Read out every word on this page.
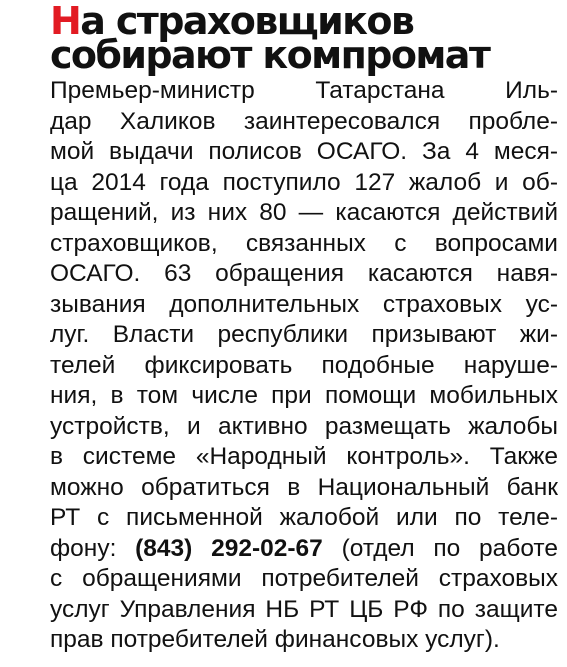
На страховщиков
собирают компромат
Премьер-министр Татарстана Иль-
дар Халиков заинтересовался пробле-
мой выдачи полисов ОСАГО. За 4 меся-
ца 2014 года поступило 127 жалоб и об-
ращений, из них 80 — касаются действий
страховщиков, связанных с вопросами
ОСАГО. 63 обращения касаются навя-
зывания дополнительных страховых ус-
луг. Власти республики призывают жи-
телей фиксировать подобные наруше-
ния, в том числе при помощи мобильных
устройств, и активно размещать жалобы
в системе «Народный контроль». Также
можно обратиться в Национальный банк
РТ с письменной жалобой или по теле-
фону: (843) 292-02-67 (отдел по работе
с обращениями потребителей страховых
услуг Управления НБ РТ ЦБ РФ по защите
прав потребителей финансовых услуг).
